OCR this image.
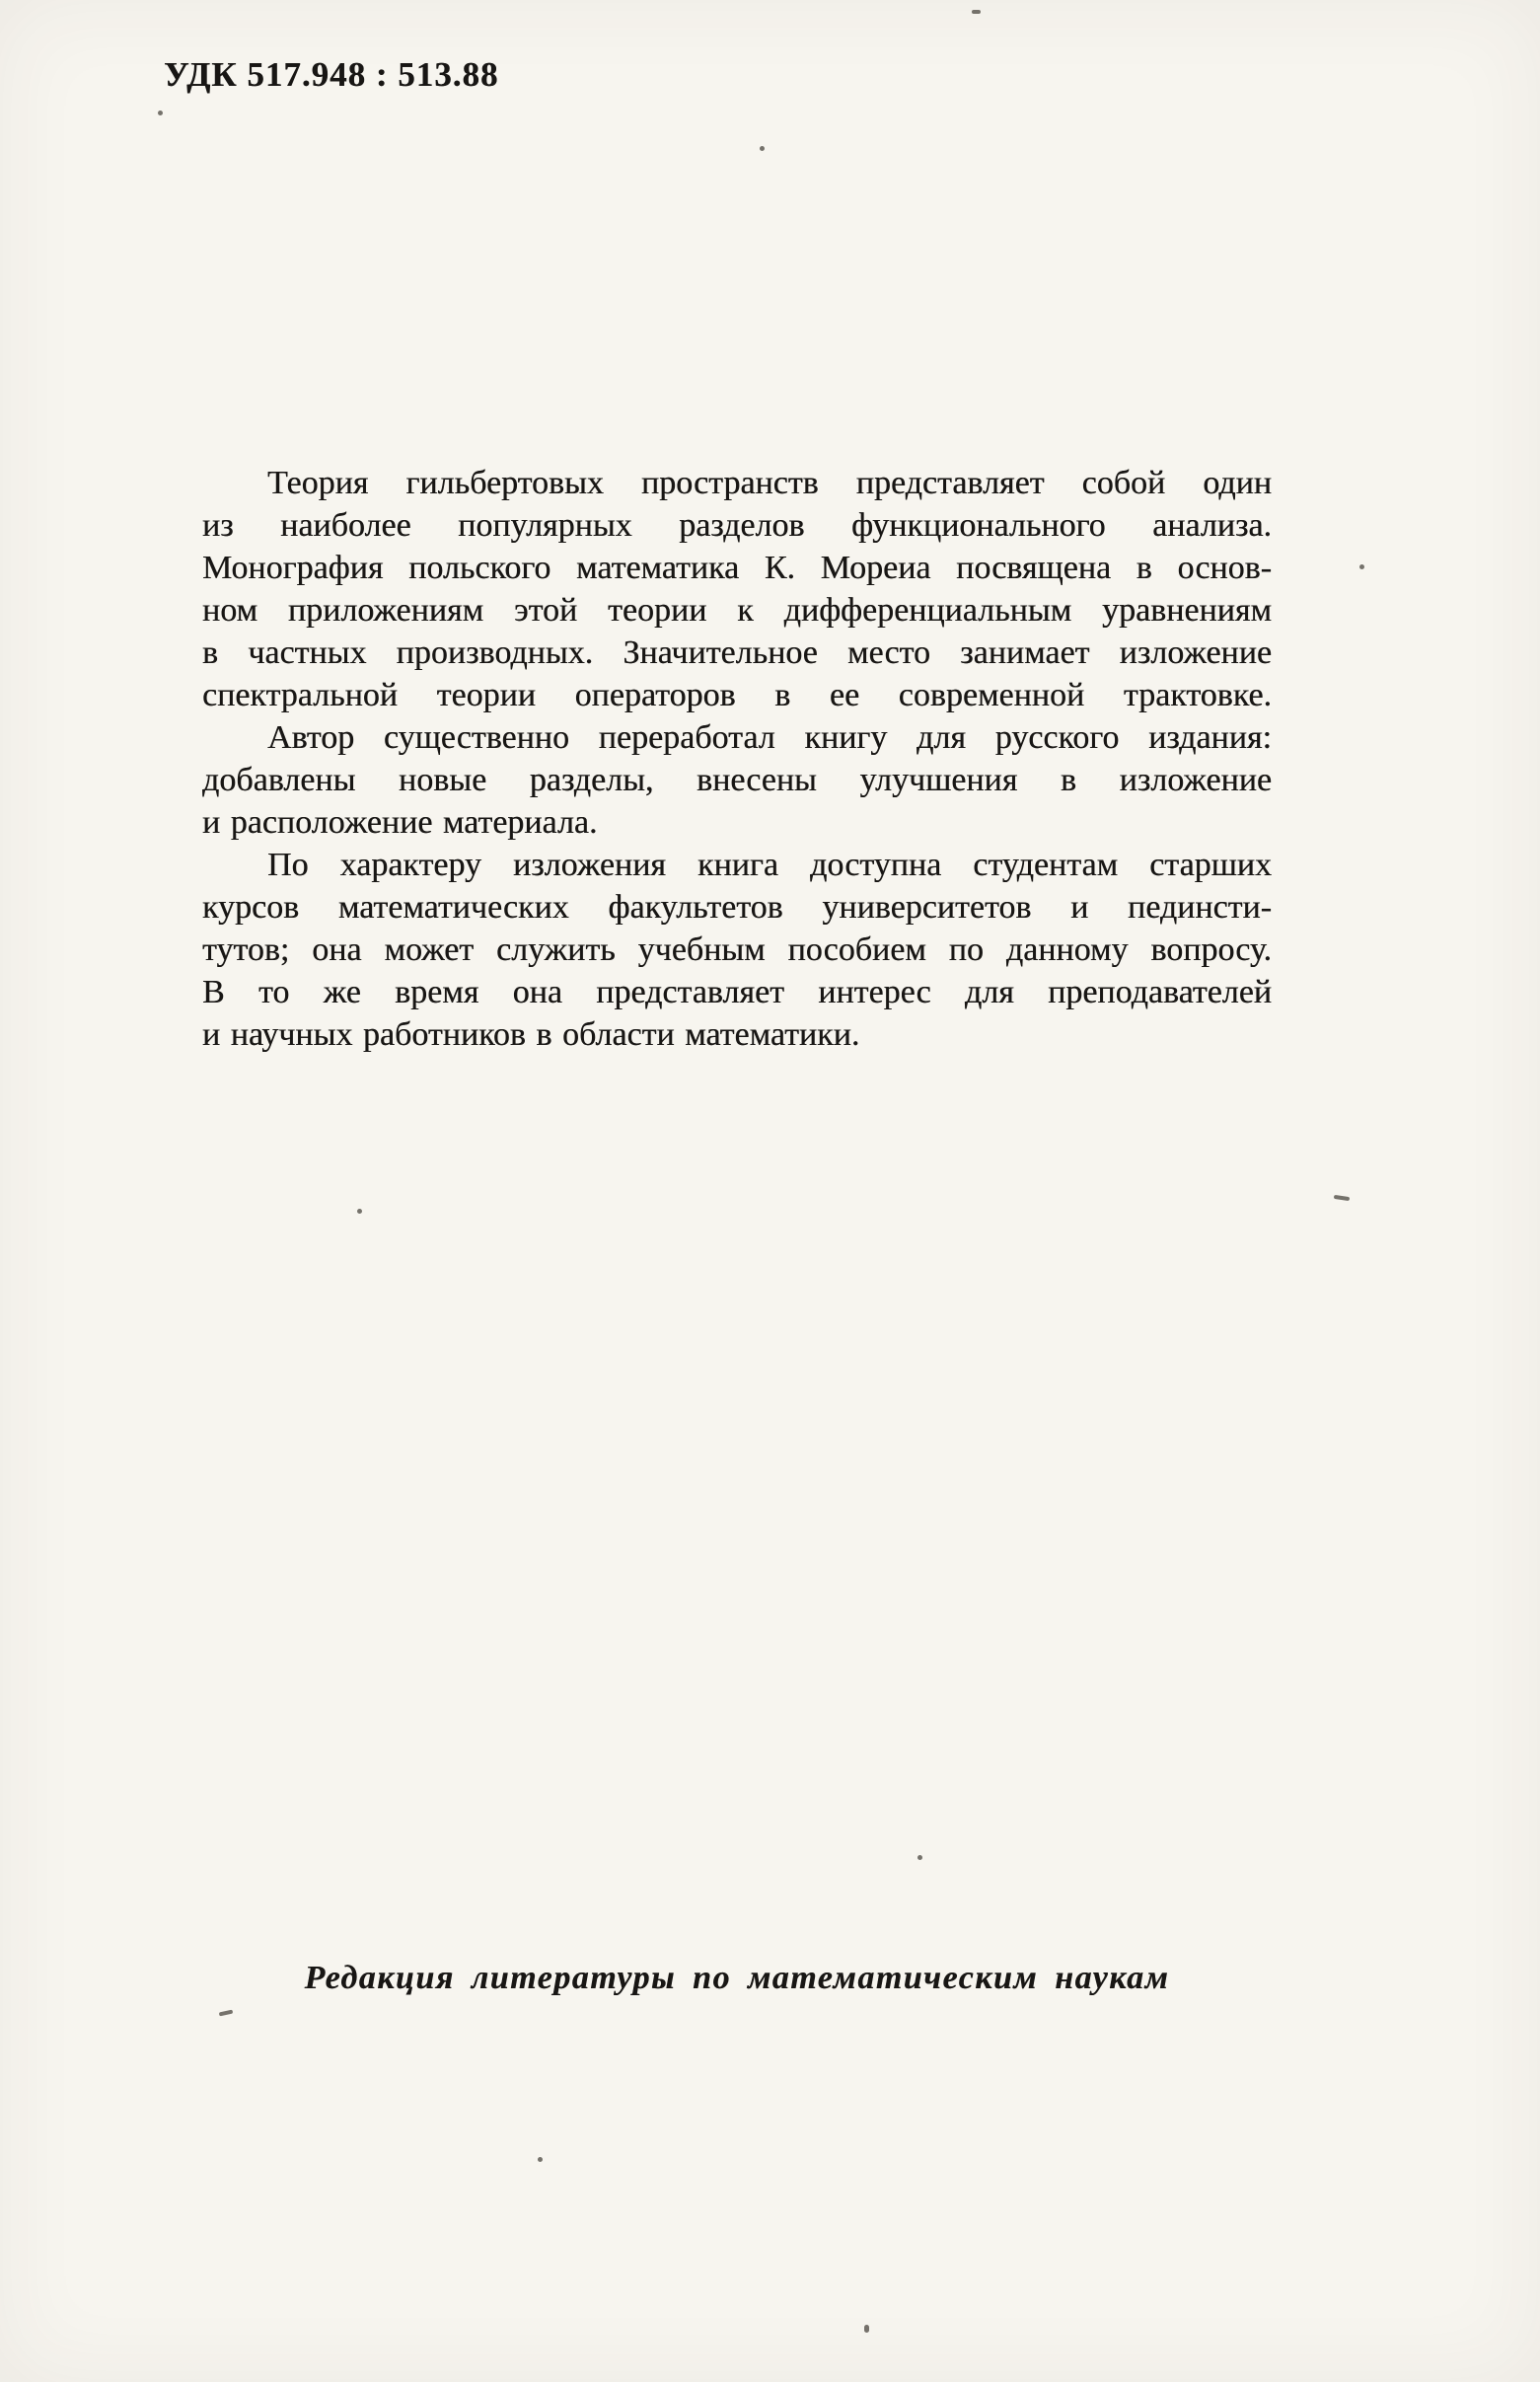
УДК 517.948 : 513.88

Теория гильбертовых пространств представляет собой один
из наиболее популярных разделов функционального анализа.
Монография польского математика К. Мореиа посвящена в основ-
ном приложениям этой теории к дифференциальным уравнениям
в частных производных. Значительное место занимает изложение
спектральной теории операторов в ее современной трактовке.

Автор существенно переработал книгу для русского издания:
добавлены новые разделы, внесены улучшения в изложение
и расположение материала.

По характеру изложения книга доступна студентам старших
курсов математических факультетов университетов и пединсти-
тутов; она может служить учебным пособием по данному вопросу.
В то же время она представляет интерес для преподавателей
и научных работников в области математики.

Редакция литературы по математическим наукам
